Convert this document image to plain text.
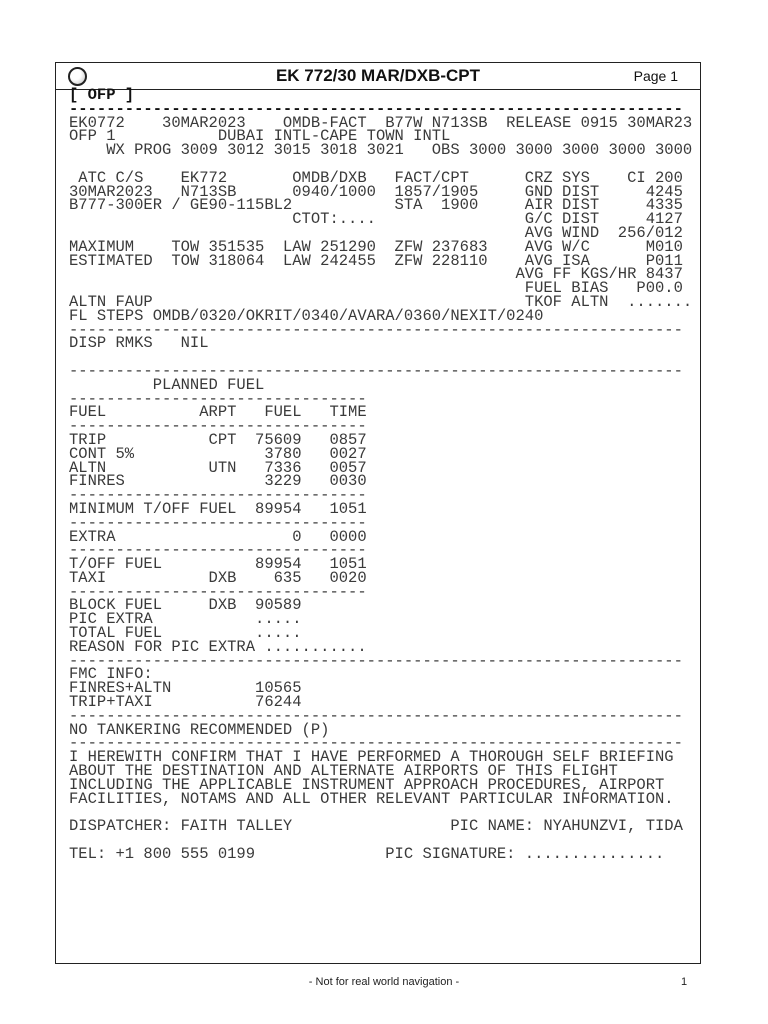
EK 772/30 MAR/DXB-CPT	Page 1
[ OFP ]
------------------------------------------------------------------
EK0772    30MAR2023    OMDB-FACT  B77W N713SB  RELEASE 0915 30MAR23
OFP 1           DUBAI INTL-CAPE TOWN INTL
WX PROG 3009 3012 3015 3018 3021   OBS 3000 3000 3000 3000 3000
ATC C/S    EK772       OMDB/DXB   FACT/CPT      CRZ SYS    CI 200
30MAR2023   N713SB      0940/1000  1857/1905     GND DIST     4245
B777-300ER / GE90-115BL2           STA  1900     AIR DIST     4335
CTOT:....                G/C DIST     4127
AVG WIND  256/012
MAXIMUM    TOW 351535  LAW 251290  ZFW 237683    AVG W/C      M010
ESTIMATED  TOW 318064  LAW 242455  ZFW 228110    AVG ISA      P011
AVG FF KGS/HR 8437
FUEL BIAS   P00.0
ALTN FAUP                                        TKOF ALTN  .......
FL STEPS OMDB/0320/OKRIT/0340/AVARA/0360/NEXIT/0240
------------------------------------------------------------------
DISP RMKS   NIL
------------------------------------------------------------------
PLANNED FUEL
--------------------------------
FUEL          ARPT   FUEL   TIME
--------------------------------
TRIP           CPT  75609   0857
CONT 5%              3780   0027
ALTN           UTN   7336   0057
FINRES               3229   0030
--------------------------------
MINIMUM T/OFF FUEL  89954   1051
--------------------------------
EXTRA                   0   0000
--------------------------------
T/OFF FUEL          89954   1051
TAXI           DXB    635   0020
--------------------------------
BLOCK FUEL     DXB  90589
PIC EXTRA           .....
TOTAL FUEL          .....
REASON FOR PIC EXTRA ...........
------------------------------------------------------------------
FMC INFO:
FINRES+ALTN         10565
TRIP+TAXI           76244
------------------------------------------------------------------
NO TANKERING RECOMMENDED (P)
------------------------------------------------------------------
I HEREWITH CONFIRM THAT I HAVE PERFORMED A THOROUGH SELF BRIEFING
ABOUT THE DESTINATION AND ALTERNATE AIRPORTS OF THIS FLIGHT
INCLUDING THE APPLICABLE INSTRUMENT APPROACH PROCEDURES, AIRPORT
FACILITIES, NOTAMS AND ALL OTHER RELEVANT PARTICULAR INFORMATION.
DISPATCHER: FAITH TALLEY                 PIC NAME: NYAHUNZVI, TIDA
TEL: +1 800 555 0199              PIC SIGNATURE: ...............
- Not for real world navigation -	1
